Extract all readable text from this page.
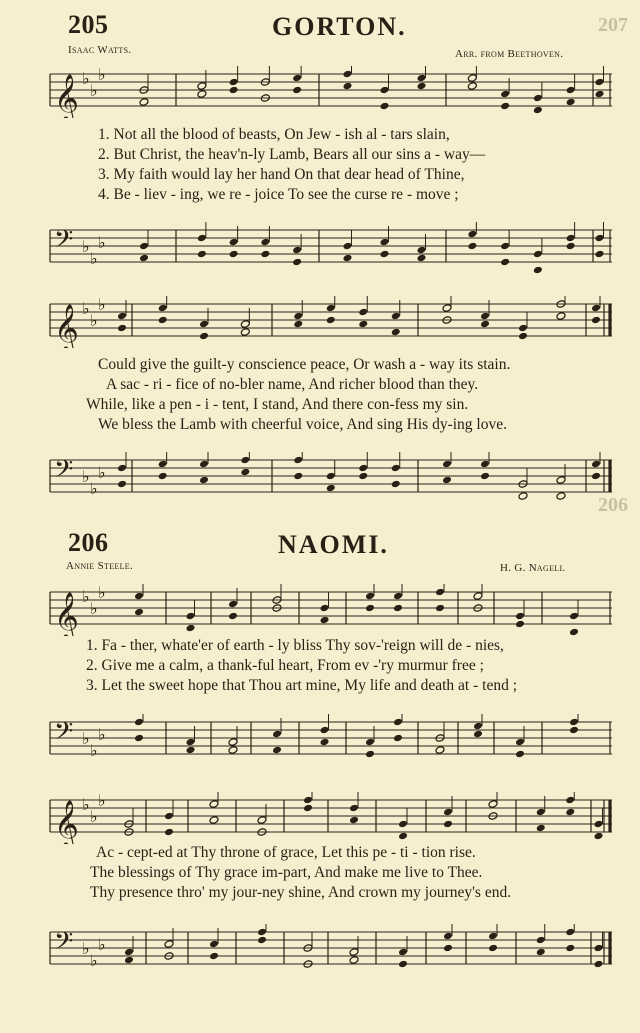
207
206
205	GORTON.
Isaac Watts.	Arr. from Beethoven.
𝄞 ♭
♭
♭
1. Not all the blood of beasts, On Jew - ish al - tars slain,
2. But Christ, the heav'n-ly Lamb, Bears all our sins a - way—
3. My faith would lay her hand On that dear head of Thine,
4. Be - liev - ing, we re - joice To see the curse re - move ;
𝄢 ♭
♭
♭
𝄞 ♭
♭
♭
Could give the guilt-y conscience peace, Or wash a - way its stain.
A sac - ri - fice of no-bler name, And richer blood than they.
While, like a pen - i - tent, I stand, And there con-fess my sin.
We bless the Lamb with cheerful voice, And sing His dy-ing love.
𝄢 ♭
♭
♭
206	NAOMI.
Annie Steele.	H. G. Nageli.
𝄞 ♭
♭
♭
1. Fa - ther, whate'er of earth - ly bliss Thy sov-'reign will de - nies,
2. Give me a calm, a thank-ful heart, From ev -'ry murmur free ;
3. Let the sweet hope that Thou art mine, My life and death at - tend ;
𝄢 ♭
♭
♭
𝄞 ♭
♭
♭
Ac - cept-ed at Thy throne of grace, Let this pe - ti - tion rise.
The blessings of Thy grace im-part, And make me live to Thee.
Thy presence thro' my jour-ney shine, And crown my journey's end.
𝄢 ♭
♭
♭
